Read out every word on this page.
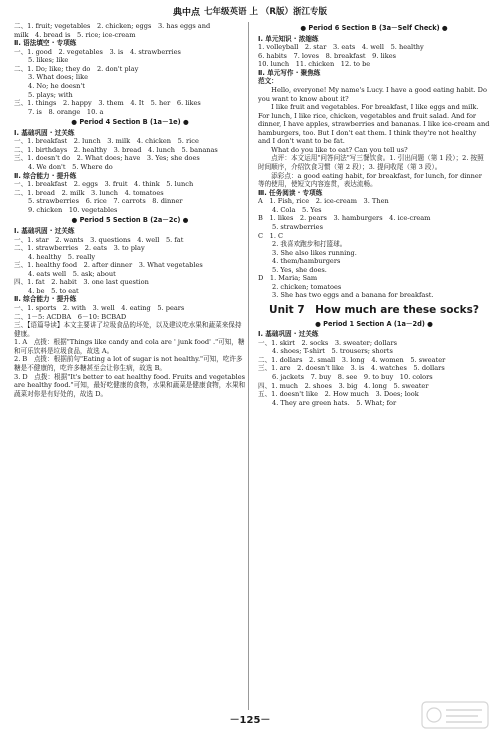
典中点 七年级英语 上 （R版）浙江专版
二、1. fruit; vegetables　2. chicken; eggs　3. has eggs and
milk　4. bread is　5. rice; ice-cream
Ⅱ. 语法填空 · 专项练
一、1. good　2. vegetables　3. is　4. strawberries
5. likes; like
二、1. Do; like; they do　2. don't play
3. What does; like
4. No; he doesn't
5. plays; with
三、1. things　2. happy　3. them　4. It　5. her　6. likes
7. is　8. orange　10. a
● Period 4 Section B (1a－1e) ●
Ⅰ. 基础巩固 · 过关练
一、1. breakfast　2. lunch　3. milk　4. chicken　5. rice
二、1. birthdays　2. healthy　3. bread　4. lunch　5. bananas
三、1. doesn't do　2. What does; have　3. Yes; she does
4. We don't　5. Where do
Ⅱ. 综合能力 · 提升练
一、1. breakfast　2. eggs　3. fruit　4. think　5. lunch
二、1. bread　2. milk　3. lunch　4. tomatoes
5. strawberries　6. rice　7. carrots　8. dinner
9. chicken　10. vegetables
● Period 5 Section B (2a－2c) ●
Ⅰ. 基础巩固 · 过关练
一、1. star　2. wants　3. questions　4. well　5. fat
二、1. strawberries　2. eats　3. to play
4. healthy　5. really
三、1. healthy food　2. after dinner　3. What vegetables
4. eats well　5. ask; about
四、1. fat　2. habit　3. one last question
4. be　5. to eat
Ⅱ. 综合能力 · 提升练
一、1. sports　2. with　3. well　4. eating　5. pears
二、1－5: ACDBA　6－10: BCBAD
三、【语篇导读】本文主要讲了垃圾食品的坏处，以及建议吃水果和蔬菜来保持健康。
1. A　点拨：根据"Things like candy and cola are ' junk food' ."可知，糖和可乐饮料是垃圾食品，故选 A。
2. B　点拨：根据前句"Eating a lot of sugar is not healthy."可知，吃许多糖是不健康的，吃许多糖甚至会让你生病，故选 B。
3. D　点拨：根据"It's better to eat healthy food. Fruits and vegetables are healthy food."可知，最好吃健康的食物，水果和蔬菜是健康食物，水果和蔬菜对你是有好处的，故选 D。
● Period 6 Section B (3a－Self Check) ●
Ⅰ. 单元知识 · 浓缩练
1. volleyball　2. star　3. eats　4. well　5. healthy
6. habits　7. loves　8. breakfast　9. likes
10. lunch　11. chicken　12. to be
Ⅱ. 单元写作 · 聚焦练
范文：
　　Hello, everyone! My name's Lucy. I have a good eating habit. Do you want to know about it?
　　I like fruit and vegetables. For breakfast, I like eggs and milk. For lunch, I like rice, chicken, vegetables and fruit salad. And for dinner, I have apples, strawberries and bananas. I like ice-cream and hamburgers, too. But I don't eat them. I think they're not healthy and I don't want to be fat.
　　What do you like to eat? Can you tell us?
　　点评：本文运用"问答问法"写三餐饮食。1. 引出问题（第 1 段）；2. 按照时间顺序，介绍饮食习惯（第 2 段）；3. 提问收尾（第 3 段）。
　　添彩点：a good eating habit, for breakfast, for lunch, for dinner 等的使用，使短文内容连贯，表达流畅。
Ⅲ. 任务阅读 · 专项练
A　1. Fish, rice　2. ice-cream　3. Then
4. Cola　5. Yes
B　1. likes　2. pears　3. hamburgers　4. ice-cream
5. strawberries
C　1. C
2. 我喜欢跑步和打篮球。
3. She also likes running.
4. them/hamburgers
5. Yes, she does.
D　1. Maria; Sam
2. chicken; tomatoes
3. She has two eggs and a banana for breakfast.
Unit 7　How much are these socks?
● Period 1 Section A (1a－2d) ●
Ⅰ. 基础巩固 · 过关练
一、1. skirt　2. socks　3. sweater; dollars
4. shoes; T-shirt　5. trousers; shorts
二、1. dollars　2. small　3. long　4. women　5. sweater
三、1. are　2. doesn't like　3. is　4. watches　5. dollars
6. jackets　7. buy　8. see　9. to buy　10. colors
四、1. much　2. shoes　3. big　4. long　5. sweater
五、1. doesn't like　2. How much　3. Does; look
4. They are green hats.　5. What; for
－125－
